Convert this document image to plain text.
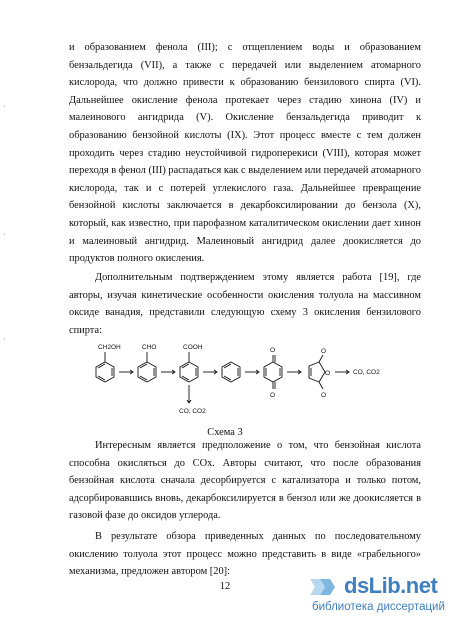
·
·
·

и образованием фенола (III); с отщеплением воды и образованием бензальдегида (VII), а также с передачей или выделением атомарного кислорода, что должно привести к образованию бензилового спирта (VI). Дальнейшее окисление фенола протекает через стадию хинона (IV) и малеинового ангидрида (V). Окисление бензальдегида приводит к образованию бензойной кислоты (IX). Этот процесс вместе с тем должен проходить через стадию неустойчивой гидроперекиси (VIII), которая может переходя в фенол (III) распадаться как с выделением или передачей атомарного кислорода, так и с потерей углекислого газа. Дальнейшее превращение бензойной кислоты заключается в декарбоксилировании до бензола (X), который, как известно, при парофазном каталитическом окислении дает хинон и малеиновый ангидрид. Малеиновый ангидрид далее доокисляется до продуктов полного окисления.

Дополнительным подтверждением этому является работа [19], где авторы, изучая кинетические особенности окисления толуола на массивном оксиде ванадия, представили следующую схему 3 окисления бензилового спирта:

CH2OH	CHO	COOH
CO, CO2
O
O
O
O
O	CO, CO2
Схема 3

Интересным является предположение о том, что бензойная кислота способна окисляться до COx. Авторы считают, что после образования бензойная кислота сначала десорбируется с катализатора и только потом, адсорбировавшись вновь, декарбоксилируется в бензол или же доокисляется в газовой фазе до оксидов углерода.

В результате обзора приведенных данных по последовательному окислению толуола этот процесс можно представить в виде «грабельного» механизма, предложен автором [20]:

12	dsLib.net
библиотека диссертаций
